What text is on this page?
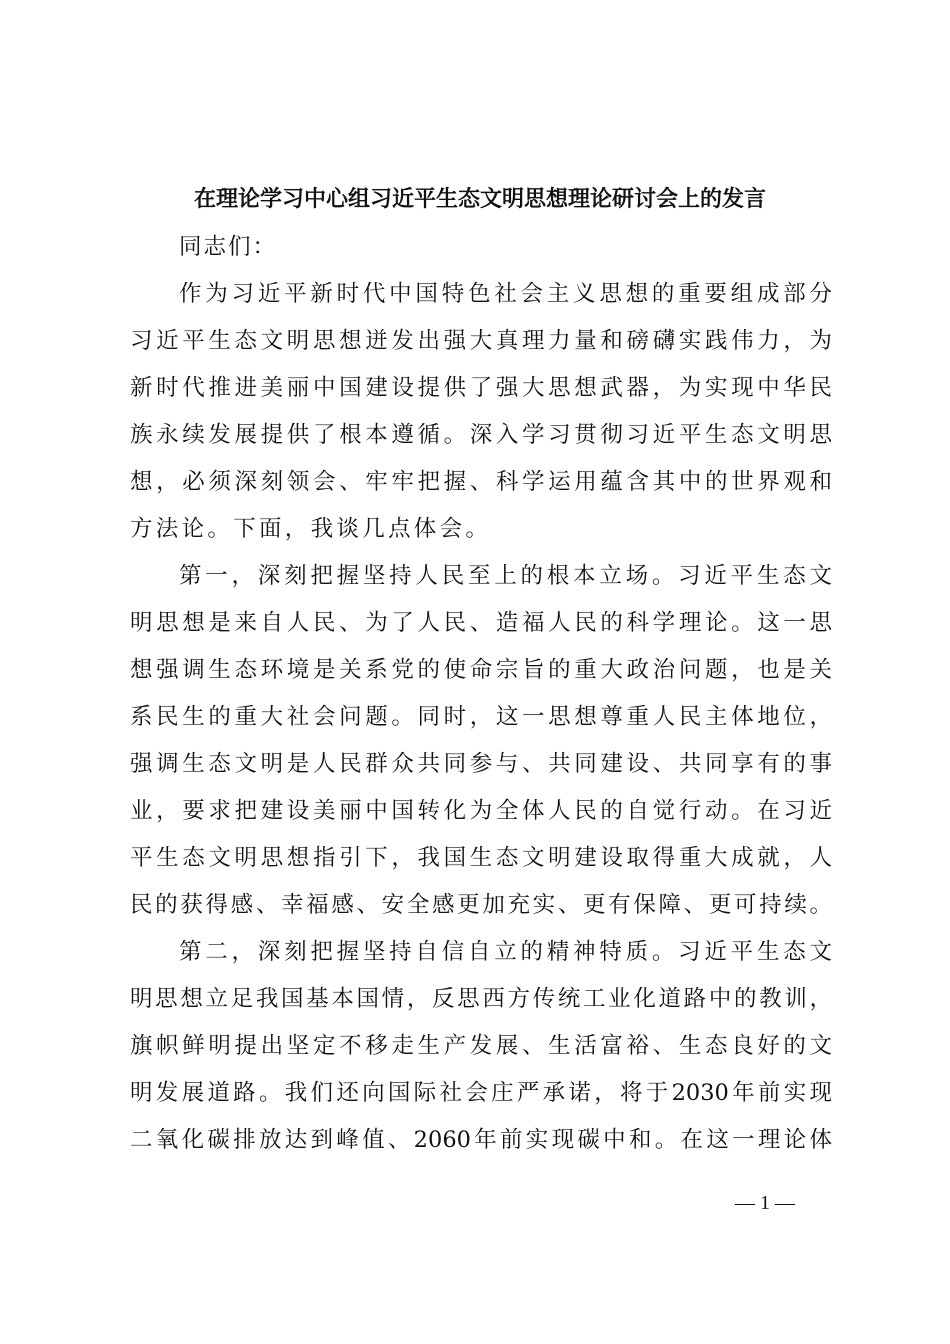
在理论学习中心组习近平生态文明思想理论研讨会上的发言
同志们：
作为习近平新时代中国特色社会主义思想的重要组成部分
习近平生态文明思想迸发出强大真理力量和磅礴实践伟力，为
新时代推进美丽中国建设提供了强大思想武器，为实现中华民
族永续发展提供了根本遵循。深入学习贯彻习近平生态文明思
想，必须深刻领会、牢牢把握、科学运用蕴含其中的世界观和
方法论。下面，我谈几点体会。
第一，深刻把握坚持人民至上的根本立场。习近平生态文
明思想是来自人民、为了人民、造福人民的科学理论。这一思
想强调生态环境是关系党的使命宗旨的重大政治问题，也是关
系民生的重大社会问题。同时，这一思想尊重人民主体地位，
强调生态文明是人民群众共同参与、共同建设、共同享有的事
业，要求把建设美丽中国转化为全体人民的自觉行动。在习近
平生态文明思想指引下，我国生态文明建设取得重大成就，人
民的获得感、幸福感、安全感更加充实、更有保障、更可持续。
第二，深刻把握坚持自信自立的精神特质。习近平生态文
明思想立足我国基本国情，反思西方传统工业化道路中的教训，
旗帜鲜明提出坚定不移走生产发展、生活富裕、生态良好的文
明发展道路。我们还向国际社会庄严承诺，将于2030年前实现
二氧化碳排放达到峰值、2060年前实现碳中和。在这一理论体
— 1 —
